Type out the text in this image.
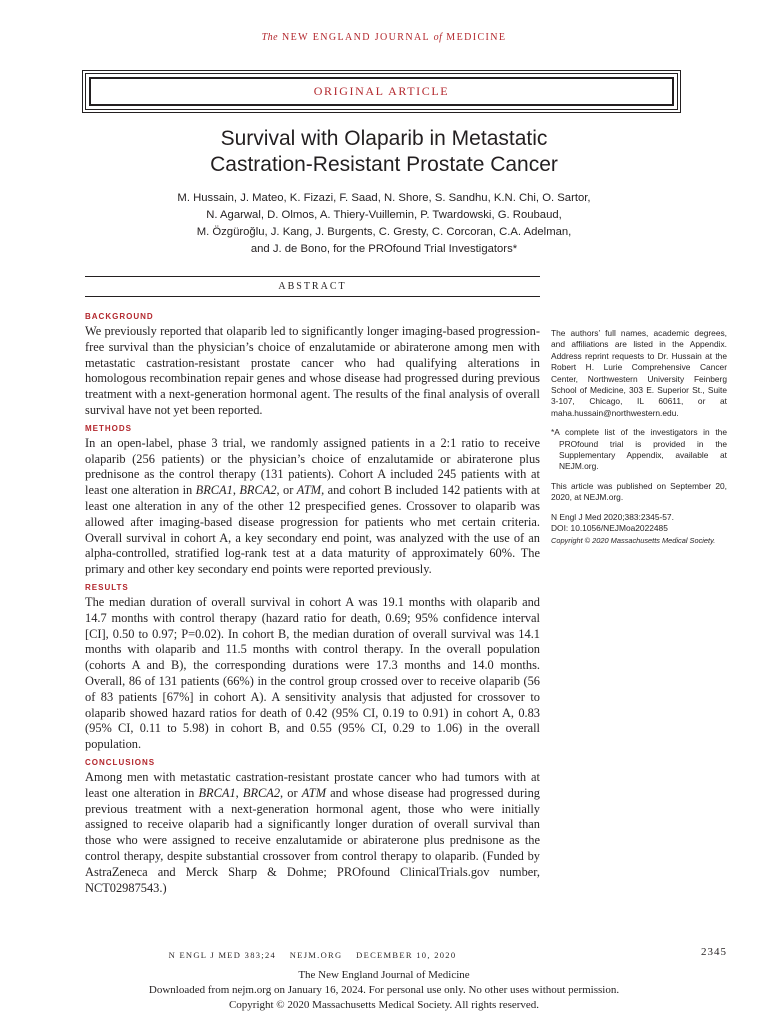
The NEW ENGLAND JOURNAL of MEDICINE
ORIGINAL ARTICLE
Survival with Olaparib in Metastatic
Castration-Resistant Prostate Cancer
M. Hussain, J. Mateo, K. Fizazi, F. Saad, N. Shore, S. Sandhu, K.N. Chi, O. Sartor,
N. Agarwal, D. Olmos, A. Thiery-Vuillemin, P. Twardowski, G. Roubaud,
M. Özgüroğlu, J. Kang, J. Burgents, C. Gresty, C. Corcoran, C.A. Adelman,
and J. de Bono, for the PROfound Trial Investigators*
ABSTRACT
BACKGROUND

We previously reported that olaparib led to significantly longer imaging-based progression-free survival than the physician’s choice of enzalutamide or abiraterone among men with metastatic castration-resistant prostate cancer who had qualifying alterations in homologous recombination repair genes and whose disease had progressed during previous treatment with a next-generation hormonal agent. The results of the final analysis of overall survival have not yet been reported.

METHODS

In an open-label, phase 3 trial, we randomly assigned patients in a 2:1 ratio to receive olaparib (256 patients) or the physician’s choice of enzalutamide or abiraterone plus prednisone as the control therapy (131 patients). Cohort A included 245 patients with at least one alteration in BRCA1, BRCA2, or ATM, and cohort B included 142 patients with at least one alteration in any of the other 12 prespecified genes. Crossover to olaparib was allowed after imaging-based disease progression for patients who met certain criteria. Overall survival in cohort A, a key secondary end point, was analyzed with the use of an alpha-controlled, stratified log-rank test at a data maturity of approximately 60%. The primary and other key secondary end points were reported previously.

RESULTS

The median duration of overall survival in cohort A was 19.1 months with olaparib and 14.7 months with control therapy (hazard ratio for death, 0.69; 95% confidence interval [CI], 0.50 to 0.97; P=0.02). In cohort B, the median duration of overall survival was 14.1 months with olaparib and 11.5 months with control therapy. In the overall population (cohorts A and B), the corresponding durations were 17.3 months and 14.0 months. Overall, 86 of 131 patients (66%) in the control group crossed over to receive olaparib (56 of 83 patients [67%] in cohort A). A sensitivity analysis that adjusted for crossover to olaparib showed hazard ratios for death of 0.42 (95% CI, 0.19 to 0.91) in cohort A, 0.83 (95% CI, 0.11 to 5.98) in cohort B, and 0.55 (95% CI, 0.29 to 1.06) in the overall population.

CONCLUSIONS

Among men with metastatic castration-resistant prostate cancer who had tumors with at least one alteration in BRCA1, BRCA2, or ATM and whose disease had progressed during previous treatment with a next-generation hormonal agent, those who were initially assigned to receive olaparib had a significantly longer duration of overall survival than those who were assigned to receive enzalutamide or abiraterone plus prednisone as the control therapy, despite substantial crossover from control therapy to olaparib. (Funded by AstraZeneca and Merck Sharp & Dohme; PROfound ClinicalTrials.gov number, NCT02987543.)

The authors’ full names, academic degrees, and affiliations are listed in the Appendix. Address reprint requests to Dr. Hussain at the Robert H. Lurie Comprehensive Cancer Center, Northwestern University Feinberg School of Medicine, 303 E. Superior St., Suite 3-107, Chicago, IL 60611, or at maha.hussain@northwestern.edu.

*A complete list of the investigators in the PROfound trial is provided in the Supplementary Appendix, available at NEJM.org.

This article was published on September 20, 2020, at NEJM.org.

N Engl J Med 2020;383:2345-57.

DOI: 10.1056/NEJMoa2022485

Copyright © 2020 Massachusetts Medical Society.

N ENGL J MED 383;24    NEJM.ORG    DECEMBER 10, 2020	2345
The New England Journal of Medicine
Downloaded from nejm.org on January 16, 2024. For personal use only. No other uses without permission.
Copyright © 2020 Massachusetts Medical Society. All rights reserved.
